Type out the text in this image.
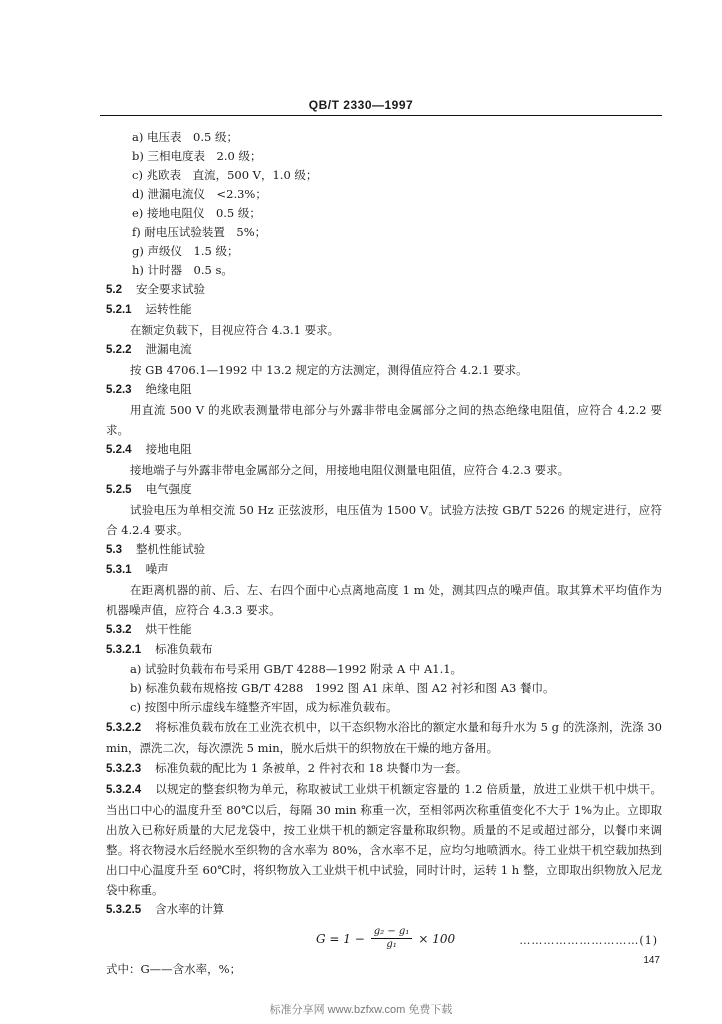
QB/T 2330—1997
a) 电压表　0.5 级；
b) 三相电度表　2.0 级；
c) 兆欧表　直流，500 V，1.0 级；
d) 泄漏电流仪　<2.3%；
e) 接地电阻仪　0.5 级；
f) 耐电压试验装置　5%；
g) 声级仪　1.5 级；
h) 计时器　0.5 s。
5.2 安全要求试验
5.2.1 运转性能
在额定负载下，目视应符合 4.3.1 要求。
5.2.2 泄漏电流
按 GB 4706.1—1992 中 13.2 规定的方法测定，测得值应符合 4.2.1 要求。
5.2.3 绝缘电阻
用直流 500 V 的兆欧表测量带电部分与外露非带电金属部分之间的热态绝缘电阻值，应符合 4.2.2 要求。
5.2.4 接地电阻
接地端子与外露非带电金属部分之间，用接地电阻仪测量电阻值，应符合 4.2.3 要求。
5.2.5 电气强度
试验电压为单相交流 50 Hz 正弦波形，电压值为 1500 V。试验方法按 GB/T 5226 的规定进行，应符合 4.2.4 要求。
5.3 整机性能试验
5.3.1 噪声
在距离机器的前、后、左、右四个面中心点离地高度 1 m 处，测其四点的噪声值。取其算术平均值作为机器噪声值，应符合 4.3.3 要求。
5.3.2 烘干性能
5.3.2.1 标准负载布
a) 试验时负载布布号采用 GB/T 4288—1992 附录 A 中 A1.1。
b) 标准负载布规格按 GB/T 4288　1992 图 A1 床单、图 A2 衬衫和图 A3 餐巾。
c) 按图中所示虚线车缝整齐牢固，成为标准负载布。
5.3.2.2 将标准负载布放在工业洗衣机中，以干态织物水浴比的额定水量和每升水为 5 g 的洗涤剂，洗涤 30 min，漂洗二次，每次漂洗 5 min，脱水后烘干的织物放在干燥的地方备用。
5.3.2.3 标准负载的配比为 1 条被单，2 件衬衣和 18 块餐巾为一套。
5.3.2.4 以规定的整套织物为单元，称取被试工业烘干机额定容量的 1.2 倍质量，放进工业烘干机中烘干。当出口中心的温度升至 80℃以后，每隔 30 min 称重一次，至相邻两次称重值变化不大于 1%为止。立即取出放入已称好质量的大尼龙袋中，按工业烘干机的额定容量称取织物。质量的不足或超过部分，以餐巾来调整。将衣物浸水后经脱水至织物的含水率为 80%，含水率不足，应均匀地喷洒水。待工业烘干机空载加热到出口中心温度升至 60℃时，将织物放入工业烘干机中试验，同时计时，运转 1 h 整，立即取出织物放入尼龙袋中称重。
5.3.2.5 含水率的计算
$G = 1 - \frac{\text{g₂ − g₁}}{\text{g₁}} \times 100$	…………………………(1)
式中：G——含水率，%；
147
标准分享网 www.bzfxw.com 免费下载
